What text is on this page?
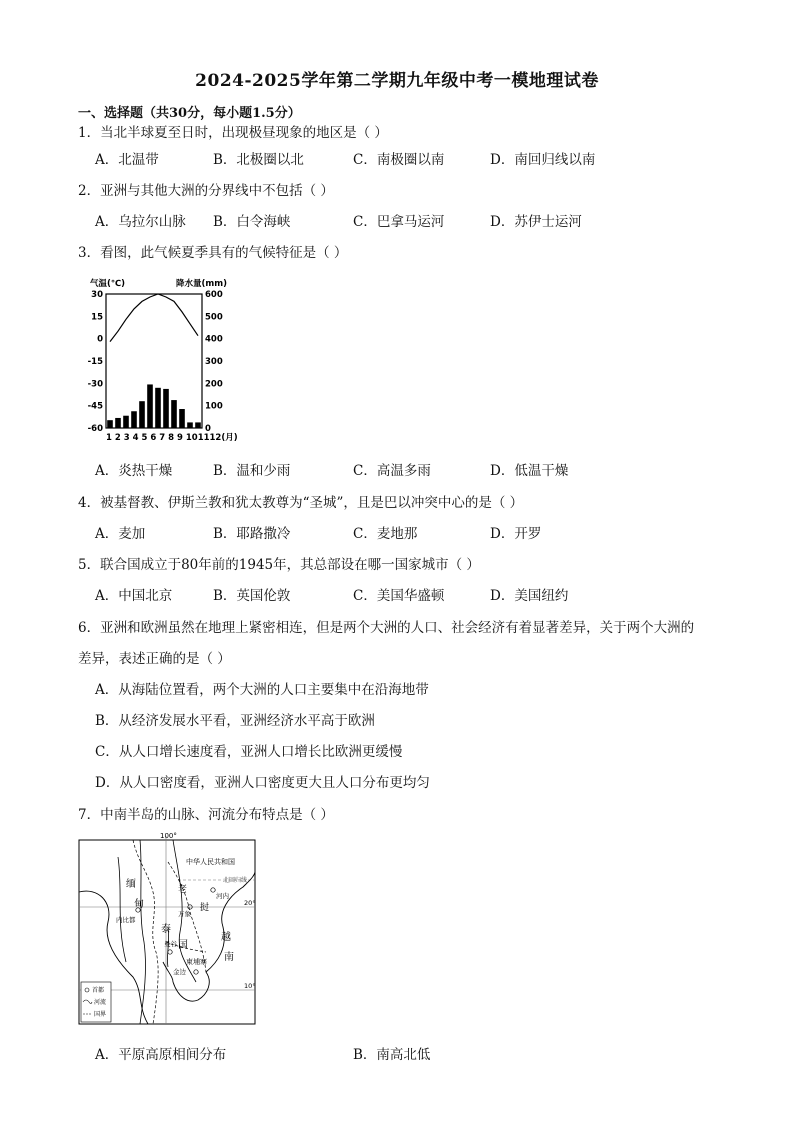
2024-2025学年第二学期九年级中考一模地理试卷
一、选择题（共30分，每小题1.5分）
1．当北半球夏至日时，出现极昼现象的地区是（ ）
A．北温带	B．北极圈以北	C．南极圈以南	D．南回归线以南
2．亚洲与其他大洲的分界线中不包括（ ）
A．乌拉尔山脉 B．白令海峡	C．巴拿马运河	D．苏伊士运河
3．看图，此气候夏季具有的气候特征是（ ）
气温(℃)	降水量(mm)
30
15
0
-15
-30
-45
-60
600
500
400
300
200
100
0
1 2 3 4 5 6 7 8 9 101112(月)
A．炎热干燥	B．温和少雨	C．高温多雨	D．低温干燥
4．被基督教、伊斯兰教和犹太教尊为“圣城”，且是巴以冲突中心的是（ ）
A．麦加	B．耶路撒冷	C．麦地那	D．开罗
5．联合国成立于80年前的1945年，其总部设在哪一国家城市（ ）
A．中国北京	B．英国伦敦	C．美国华盛顿	D．美国纽约
6．亚洲和欧洲虽然在地理上紧密相连，但是两个大洲的人口、社会经济有着显著差异，关于两个大洲的
差异，表述正确的是（ ）
A．从海陆位置看，两个大洲的人口主要集中在沿海地带
B．从经济发展水平看，亚洲经济水平高于欧洲
C．从人口增长速度看，亚洲人口增长比欧洲更缓慢
D．从人口密度看，亚洲人口密度更大且人口分布更均匀
7．中南半岛的山脉、河流分布特点是（ ）
100°
中华人民共和国
北回归线
20°
10°
缅
甸
内比都
老
挝
万象
河内
泰
国
曼谷
柬埔寨
金边
越
南
首都
河流
国界
A．平原高原相间分布	B．南高北低
